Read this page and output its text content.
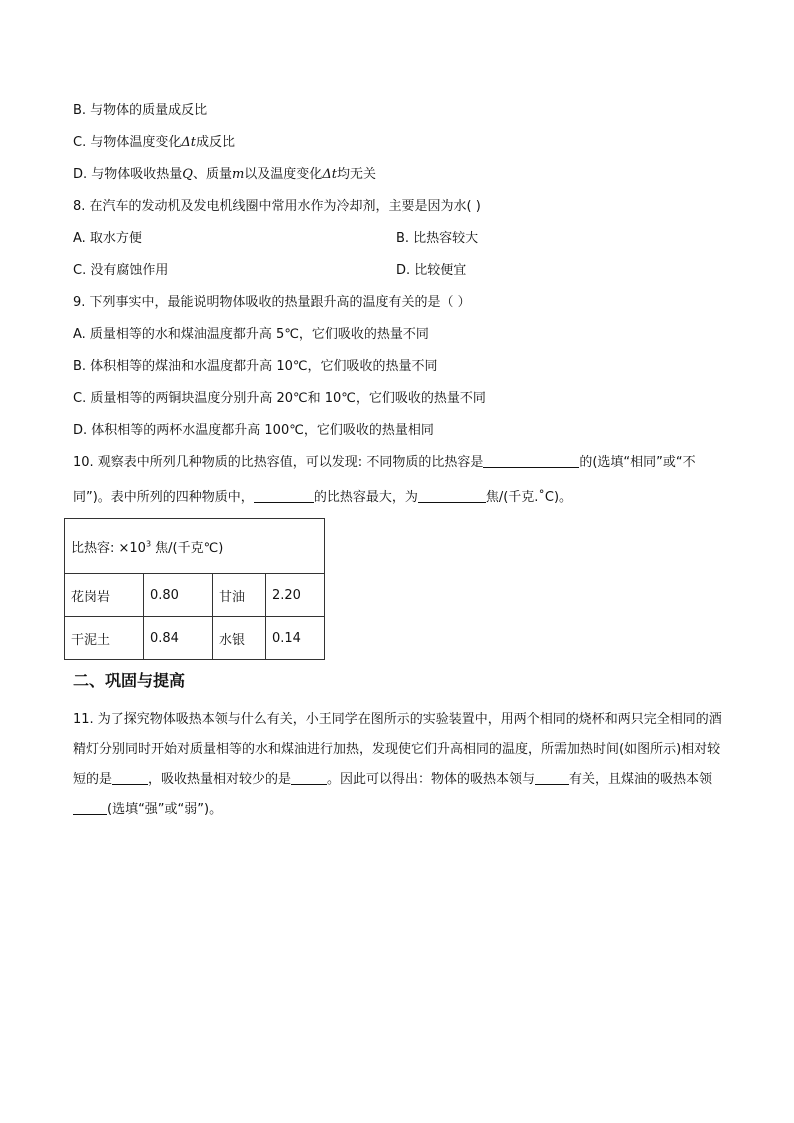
B. 与物体的质量成反比
C. 与物体温度变化Δt成反比
D. 与物体吸收热量Q、质量m以及温度变化Δt均无关
8. 在汽车的发动机及发电机线圈中常用水作为冷却剂，主要是因为水( )
A. 取水方便	B. 比热容较大
C. 没有腐蚀作用	D. 比较便宜
9. 下列事实中，最能说明物体吸收的热量跟升高的温度有关的是（ ）
A. 质量相等的水和煤油温度都升高 5℃，它们吸收的热量不同
B. 体积相等的煤油和水温度都升高 10℃，它们吸收的热量不同
C. 质量相等的两铜块温度分别升高 20℃和 10℃，它们吸收的热量不同
D. 体积相等的两杯水温度都升高 100℃，它们吸收的热量相同
10. 观察表中所列几种物质的比热容值，可以发现: 不同物质的比热容是	的(选填“相同”或“不
同”)。表中所列的四种物质中，	的比热容最大，为	焦/(千克.˚C)。
比热容: $\times 10^3$ 焦/(千克℃)			
花岗岩	0.80	甘油	2.20
干泥土	0.84	水银	0.14
二、巩固与提高
11. 为了探究物体吸热本领与什么有关，小王同学在图所示的实验装置中，用两个相同的烧杯和两只完全相同的酒精灯分别同时开始对质量相等的水和煤油进行加热，发现使它们升高相同的温度，所需加热时间(如图所示)相对较短的是	，吸收热量相对较少的是	。因此可以得出：物体的吸热本领与	有关，且煤油的吸热本领(选填“强”或“弱”)。
